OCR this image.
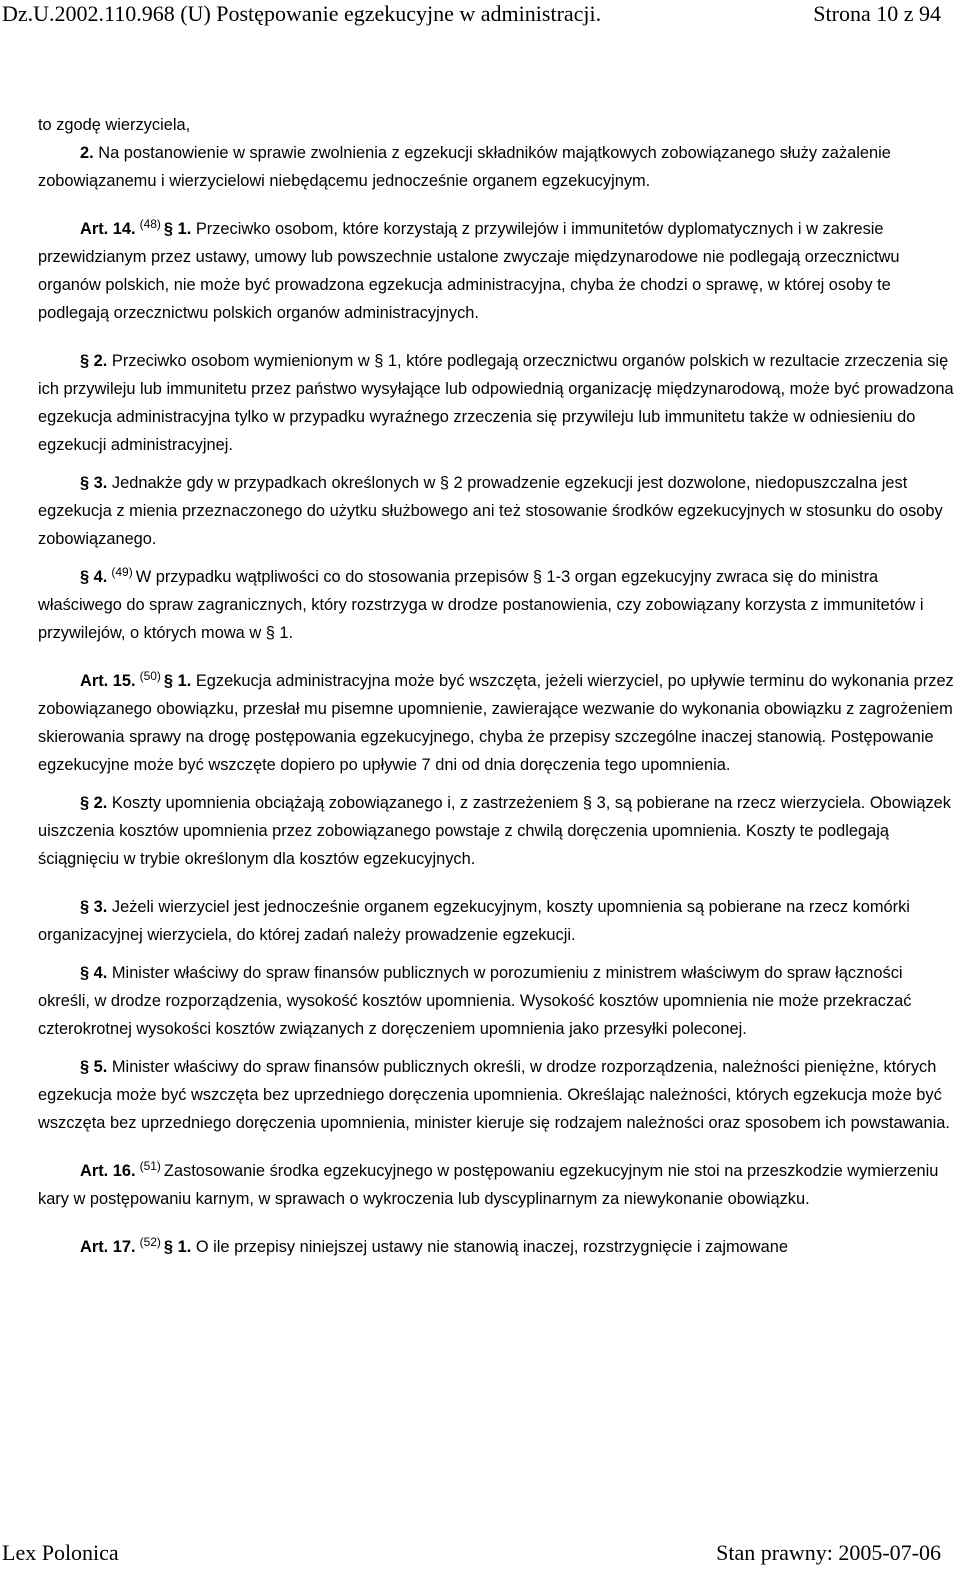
Dz.U.2002.110.968 (U) Postępowanie egzekucyjne w administracji.	Strona 10 z 94

to zgodę wierzyciela,

2. Na postanowienie w sprawie zwolnienia z egzekucji składników majątkowych zobowiązanego służy zażalenie zobowiązanemu i wierzycielowi niebędącemu jednocześnie organem egzekucyjnym.

Art. 14. $^{(48)}$ § 1. Przeciwko osobom, które korzystają z przywilejów i immunitetów dyplomatycznych i w zakresie przewidzianym przez ustawy, umowy lub powszechnie ustalone zwyczaje międzynarodowe nie podlegają orzecznictwu organów polskich, nie może być prowadzona egzekucja administracyjna, chyba że chodzi o sprawę, w której osoby te podlegają orzecznictwu polskich organów administracyjnych.

§ 2. Przeciwko osobom wymienionym w § 1, które podlegają orzecznictwu organów polskich w rezultacie zrzeczenia się ich przywileju lub immunitetu przez państwo wysyłające lub odpowiednią organizację międzynarodową, może być prowadzona egzekucja administracyjna tylko w przypadku wyraźnego zrzeczenia się przywileju lub immunitetu także w odniesieniu do egzekucji administracyjnej.

§ 3. Jednakże gdy w przypadkach określonych w § 2 prowadzenie egzekucji jest dozwolone, niedopuszczalna jest egzekucja z mienia przeznaczonego do użytku służbowego ani też stosowanie środków egzekucyjnych w stosunku do osoby zobowiązanego.

§ 4. $^{(49)}$ W przypadku wątpliwości co do stosowania przepisów § 1-3 organ egzekucyjny zwraca się do ministra właściwego do spraw zagranicznych, który rozstrzyga w drodze postanowienia, czy zobowiązany korzysta z immunitetów i przywilejów, o których mowa w § 1.

Art. 15. $^{(50)}$ § 1. Egzekucja administracyjna może być wszczęta, jeżeli wierzyciel, po upływie terminu do wykonania przez zobowiązanego obowiązku, przesłał mu pisemne upomnienie, zawierające wezwanie do wykonania obowiązku z zagrożeniem skierowania sprawy na drogę postępowania egzekucyjnego, chyba że przepisy szczególne inaczej stanowią. Postępowanie egzekucyjne może być wszczęte dopiero po upływie 7 dni od dnia doręczenia tego upomnienia.

§ 2. Koszty upomnienia obciążają zobowiązanego i, z zastrzeżeniem § 3, są pobierane na rzecz wierzyciela. Obowiązek uiszczenia kosztów upomnienia przez zobowiązanego powstaje z chwilą doręczenia upomnienia. Koszty te podlegają ściągnięciu w trybie określonym dla kosztów egzekucyjnych.

§ 3. Jeżeli wierzyciel jest jednocześnie organem egzekucyjnym, koszty upomnienia są pobierane na rzecz komórki organizacyjnej wierzyciela, do której zadań należy prowadzenie egzekucji.

§ 4. Minister właściwy do spraw finansów publicznych w porozumieniu z ministrem właściwym do spraw łączności określi, w drodze rozporządzenia, wysokość kosztów upomnienia. Wysokość kosztów upomnienia nie może przekraczać czterokrotnej wysokości kosztów związanych z doręczeniem upomnienia jako przesyłki poleconej.

§ 5. Minister właściwy do spraw finansów publicznych określi, w drodze rozporządzenia, należności pieniężne, których egzekucja może być wszczęta bez uprzedniego doręczenia upomnienia. Określając należności, których egzekucja może być wszczęta bez uprzedniego doręczenia upomnienia, minister kieruje się rodzajem należności oraz sposobem ich powstawania.

Art. 16. $^{(51)}$ Zastosowanie środka egzekucyjnego w postępowaniu egzekucyjnym nie stoi na przeszkodzie wymierzeniu kary w postępowaniu karnym, w sprawach o wykroczenia lub dyscyplinarnym za niewykonanie obowiązku.

Art. 17. $^{(52)}$ § 1. O ile przepisy niniejszej ustawy nie stanowią inaczej, rozstrzygnięcie i zajmowane

Lex Polonica	Stan prawny: 2005-07-06
